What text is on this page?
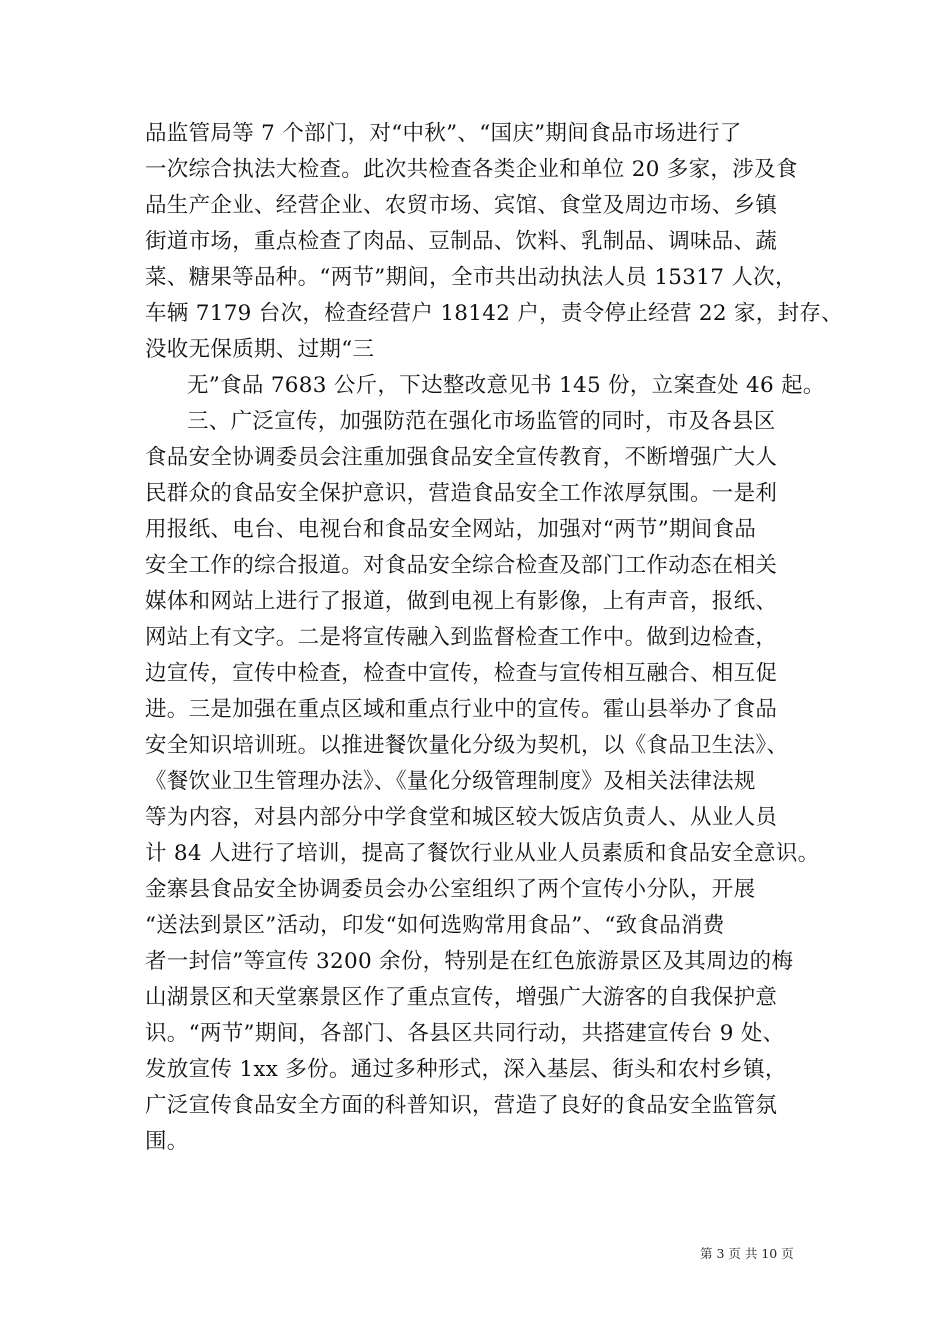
品监管局等 7 个部门，对“中秋”、“国庆”期间食品市场进行了
一次综合执法大检查。此次共检查各类企业和单位 20 多家，涉及食
品生产企业、经营企业、农贸市场、宾馆、食堂及周边市场、乡镇
街道市场，重点检查了肉品、豆制品、饮料、乳制品、调味品、蔬
菜、糖果等品种。“两节”期间，全市共出动执法人员 15317 人次，
车辆 7179 台次，检查经营户 18142 户，责令停止经营 22 家，封存、
没收无保质期、过期“三
无”食品 7683 公斤，下达整改意见书 145 份，立案查处 46 起。
三、广泛宣传，加强防范在强化市场监管的同时，市及各县区
食品安全协调委员会注重加强食品安全宣传教育，不断增强广大人
民群众的食品安全保护意识，营造食品安全工作浓厚氛围。一是利
用报纸、电台、电视台和食品安全网站，加强对“两节”期间食品
安全工作的综合报道。对食品安全综合检查及部门工作动态在相关
媒体和网站上进行了报道，做到电视上有影像，上有声音，报纸、
网站上有文字。二是将宣传融入到监督检查工作中。做到边检查，
边宣传，宣传中检查，检查中宣传，检查与宣传相互融合、相互促
进。三是加强在重点区域和重点行业中的宣传。霍山县举办了食品
安全知识培训班。以推进餐饮量化分级为契机，以《食品卫生法》、
《餐饮业卫生管理办法》、《量化分级管理制度》及相关法律法规
等为内容，对县内部分中学食堂和城区较大饭店负责人、从业人员
计 84 人进行了培训，提高了餐饮行业从业人员素质和食品安全意识。
金寨县食品安全协调委员会办公室组织了两个宣传小分队，开展
“送法到景区”活动，印发“如何选购常用食品”、“致食品消费
者一封信”等宣传 3200 余份，特别是在红色旅游景区及其周边的梅
山湖景区和天堂寨景区作了重点宣传，增强广大游客的自我保护意
识。“两节”期间，各部门、各县区共同行动，共搭建宣传台 9 处、
发放宣传 1xx 多份。通过多种形式，深入基层、街头和农村乡镇，
广泛宣传食品安全方面的科普知识，营造了良好的食品安全监管氛
围。
第 3 页 共 10 页
